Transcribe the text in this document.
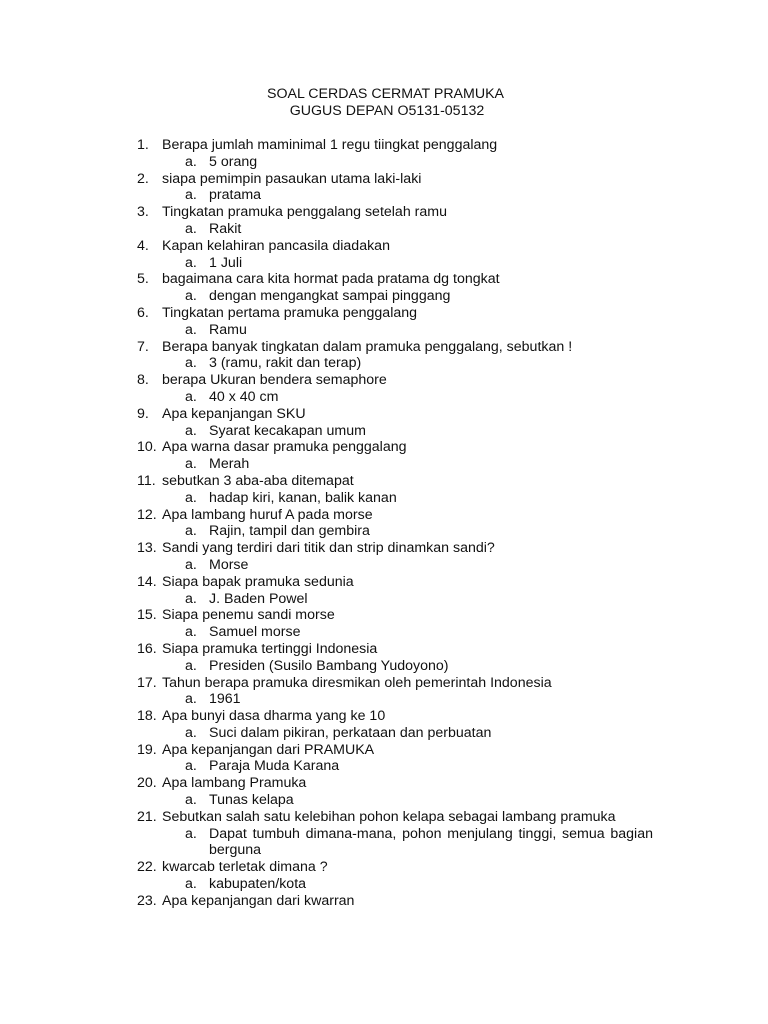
SOAL CERDAS CERMAT PRAMUKA
GUGUS DEPAN O5131-05132
1. Berapa jumlah maminimal 1 regu tiingkat penggalang
a. 5 orang
2. siapa pemimpin pasaukan utama laki-laki
a. pratama
3. Tingkatan pramuka penggalang setelah ramu
a. Rakit
4. Kapan kelahiran pancasila diadakan
a. 1 Juli
5. bagaimana cara kita hormat pada pratama dg tongkat
a. dengan mengangkat sampai pinggang
6. Tingkatan pertama pramuka penggalang
a. Ramu
7. Berapa banyak tingkatan dalam pramuka penggalang, sebutkan !
a. 3 (ramu, rakit dan terap)
8. berapa Ukuran bendera semaphore
a. 40 x 40 cm
9. Apa kepanjangan SKU
a. Syarat kecakapan umum
10. Apa warna dasar pramuka penggalang
a. Merah
11. sebutkan 3 aba-aba ditemapat
a. hadap kiri, kanan, balik kanan
12. Apa lambang huruf A pada morse
a. Rajin, tampil dan gembira
13. Sandi yang terdiri dari titik dan strip dinamkan sandi?
a. Morse
14. Siapa bapak pramuka sedunia
a. J. Baden Powel
15. Siapa penemu sandi morse
a. Samuel morse
16. Siapa pramuka tertinggi Indonesia
a. Presiden (Susilo Bambang Yudoyono)
17. Tahun berapa pramuka diresmikan oleh pemerintah Indonesia
a. 1961
18. Apa bunyi dasa dharma yang ke 10
a. Suci dalam pikiran, perkataan dan perbuatan
19. Apa kepanjangan dari PRAMUKA
a. Paraja Muda Karana
20. Apa lambang Pramuka
a. Tunas kelapa
21. Sebutkan salah satu kelebihan pohon kelapa sebagai lambang pramuka
a. Dapat tumbuh dimana-mana, pohon menjulang tinggi, semua bagian berguna
22. kwarcab terletak dimana ?
a. kabupaten/kota
23. Apa kepanjangan dari kwarran
